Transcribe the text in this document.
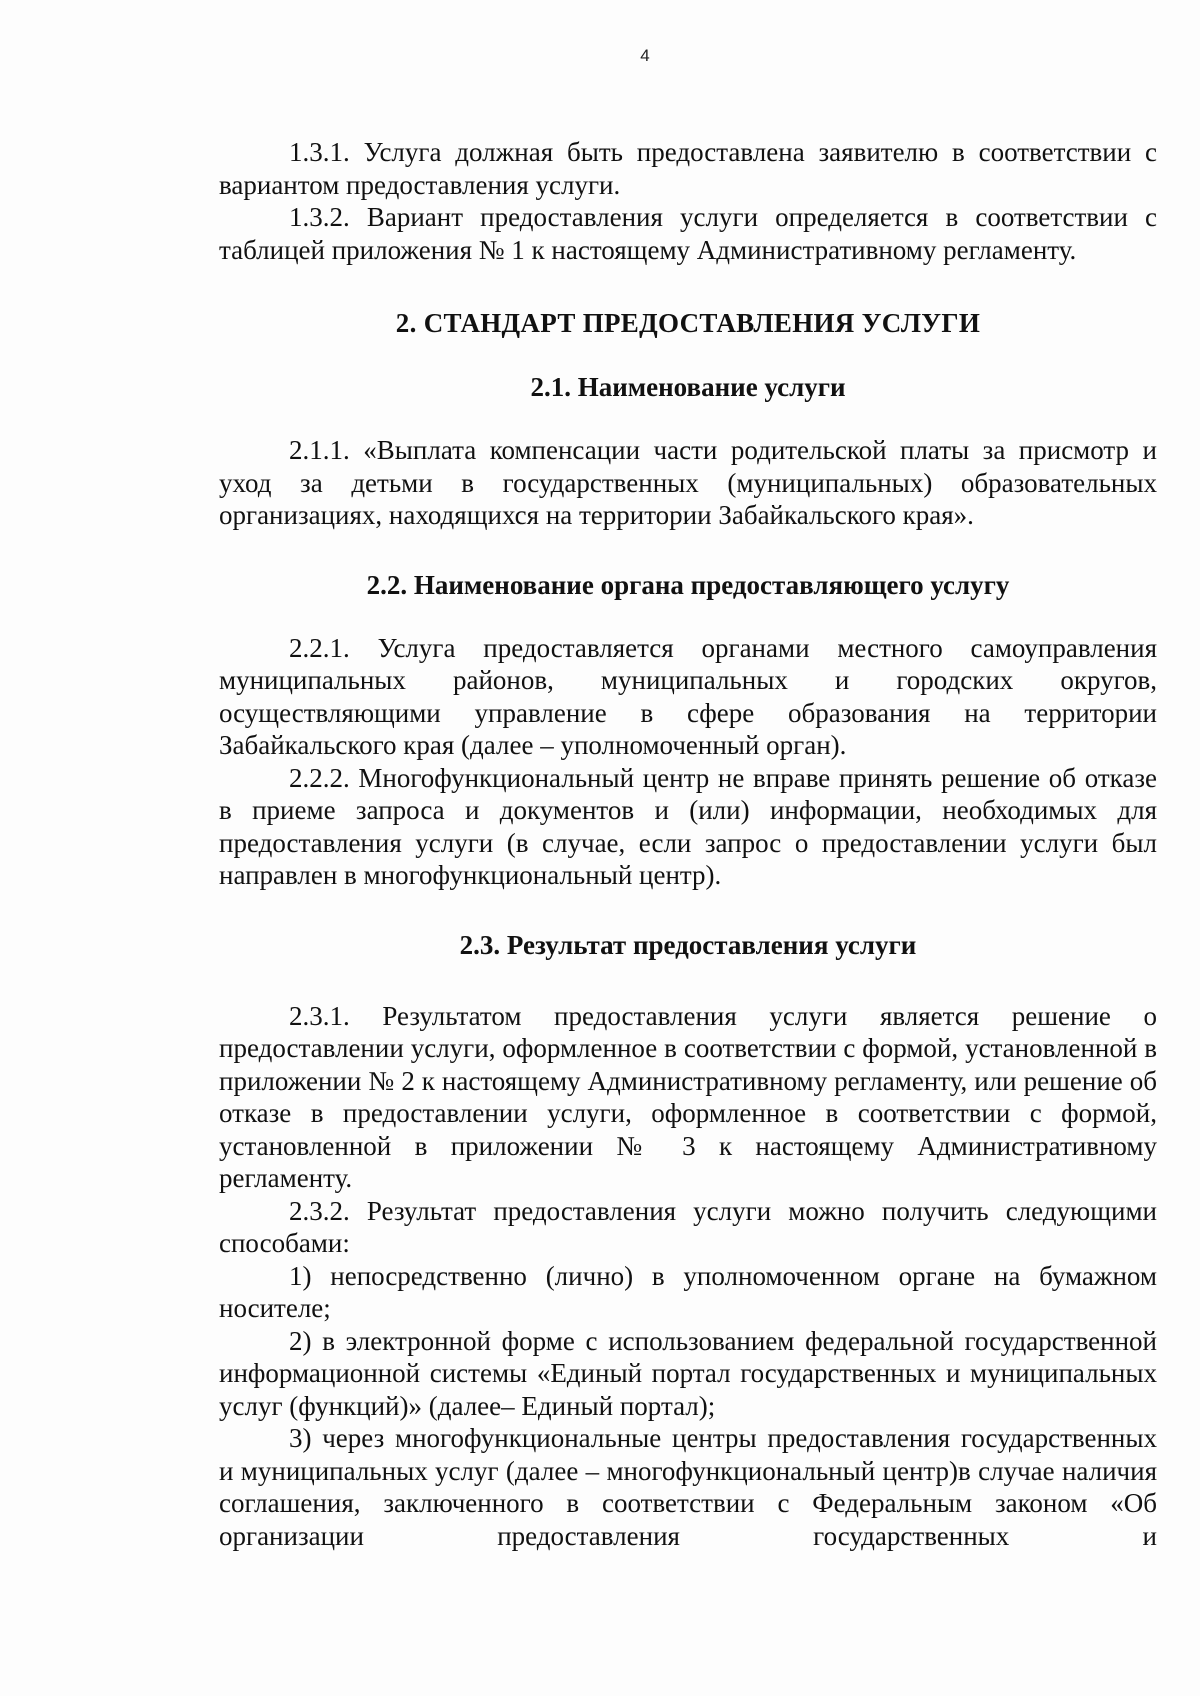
4

1.3.1. Услуга должная быть предоставлена заявителю в соответствии с вариантом предоставления услуги.

1.3.2. Вариант предоставления услуги определяется в соответствии с таблицей приложения № 1 к настоящему Административному регламенту.

2. СТАНДАРТ ПРЕДОСТАВЛЕНИЯ УСЛУГИ
2.1. Наименование услуги

2.1.1. «Выплата компенсации части родительской платы за присмотр и уход за детьми в государственных (муниципальных) образовательных организациях, находящихся на территории Забайкальского края».

2.2. Наименование органа предоставляющего услугу

2.2.1. Услуга предоставляется органами местного самоуправления муниципальных районов, муниципальных и городских округов, осуществляющими управление в сфере образования на территории Забайкальского края (далее – уполномоченный орган).

2.2.2. Многофункциональный центр не вправе принять решение об отказе в приеме запроса и документов и (или) информации, необходимых для предоставления услуги (в случае, если запрос о предоставлении услуги был направлен в многофункциональный центр).

2.3. Результат предоставления услуги

2.3.1. Результатом предоставления услуги является решение о предоставлении услуги, оформленное в соответствии с формой, установленной в приложении № 2 к настоящему Административному регламенту, или решение об отказе в предоставлении услуги, оформленное в соответствии с формой, установленной в приложении № 3 к настоящему Административному регламенту.

2.3.2. Результат предоставления услуги можно получить следующими способами:

1) непосредственно (лично) в уполномоченном органе на бумажном носителе;

2) в электронной форме с использованием федеральной государственной информационной системы «Единый портал государственных и муниципальных услуг (функций)» (далее– Единый портал);

3) через многофункциональные центры предоставления государственных и муниципальных услуг (далее – многофункциональный центр)в случае наличия соглашения, заключенного в соответствии с Федеральным законом «Об организации предоставления государственных и
